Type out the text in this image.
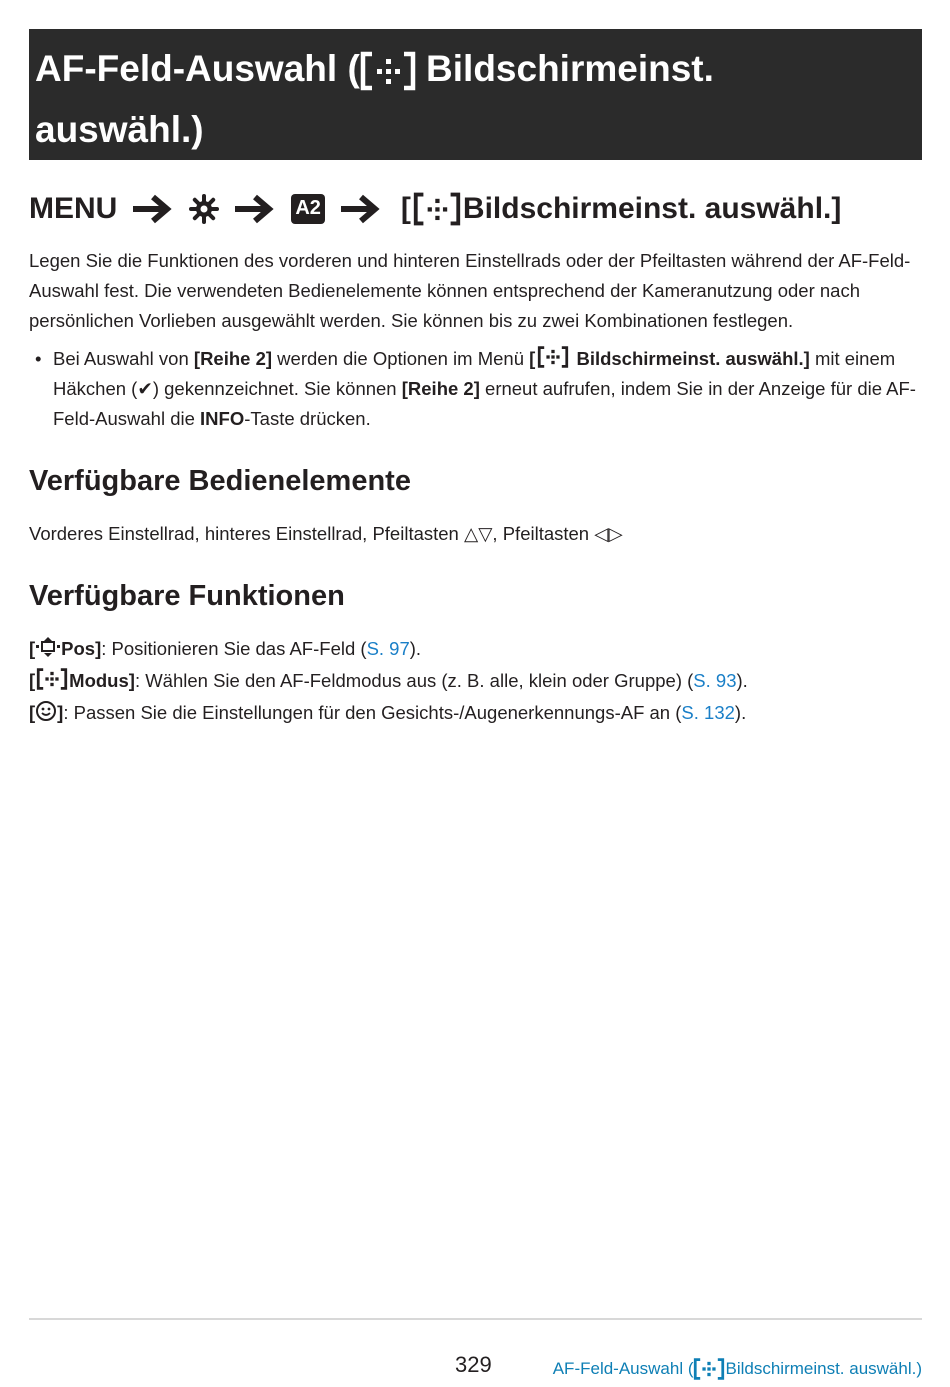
AF-Feld-Auswahl ( Bildschirmeinst.
auswähl.)
MENU	A2	[ Bildschirmeinst. auswähl.]

Legen Sie die Funktionen des vorderen und hinteren Einstellrads oder der Pfeiltasten während der AF-Feld-Auswahl fest. Die verwendeten Bedienelemente können entsprechend der Kameranutzung oder nach persönlichen Vorlieben ausgewählt werden. Sie können bis zu zwei Kombinationen festlegen.

• Bei Auswahl von [Reihe 2] werden die Optionen im Menü [ Bildschirmeinst. auswähl.] mit einem Häkchen (✔) gekennzeichnet. Sie können [Reihe 2] erneut aufrufen, indem Sie in der Anzeige für die AF-Feld-Auswahl die INFO-Taste drücken.
Verfügbare Bedienelemente

Vorderes Einstellrad, hinteres Einstellrad, Pfeiltasten △▽, Pfeiltasten ◁▷

Verfügbare Funktionen
[ Pos]: Positionieren Sie das AF-Feld (S. 97).
[ Modus]: Wählen Sie den AF-Feldmodus aus (z. B. alle, klein oder Gruppe) (S. 93).
[ ]: Passen Sie die Einstellungen für den Gesichts-/Augenerkennungs-AF an (S. 132).
329	AF-Feld-Auswahl ( Bildschirmeinst. auswähl.)
